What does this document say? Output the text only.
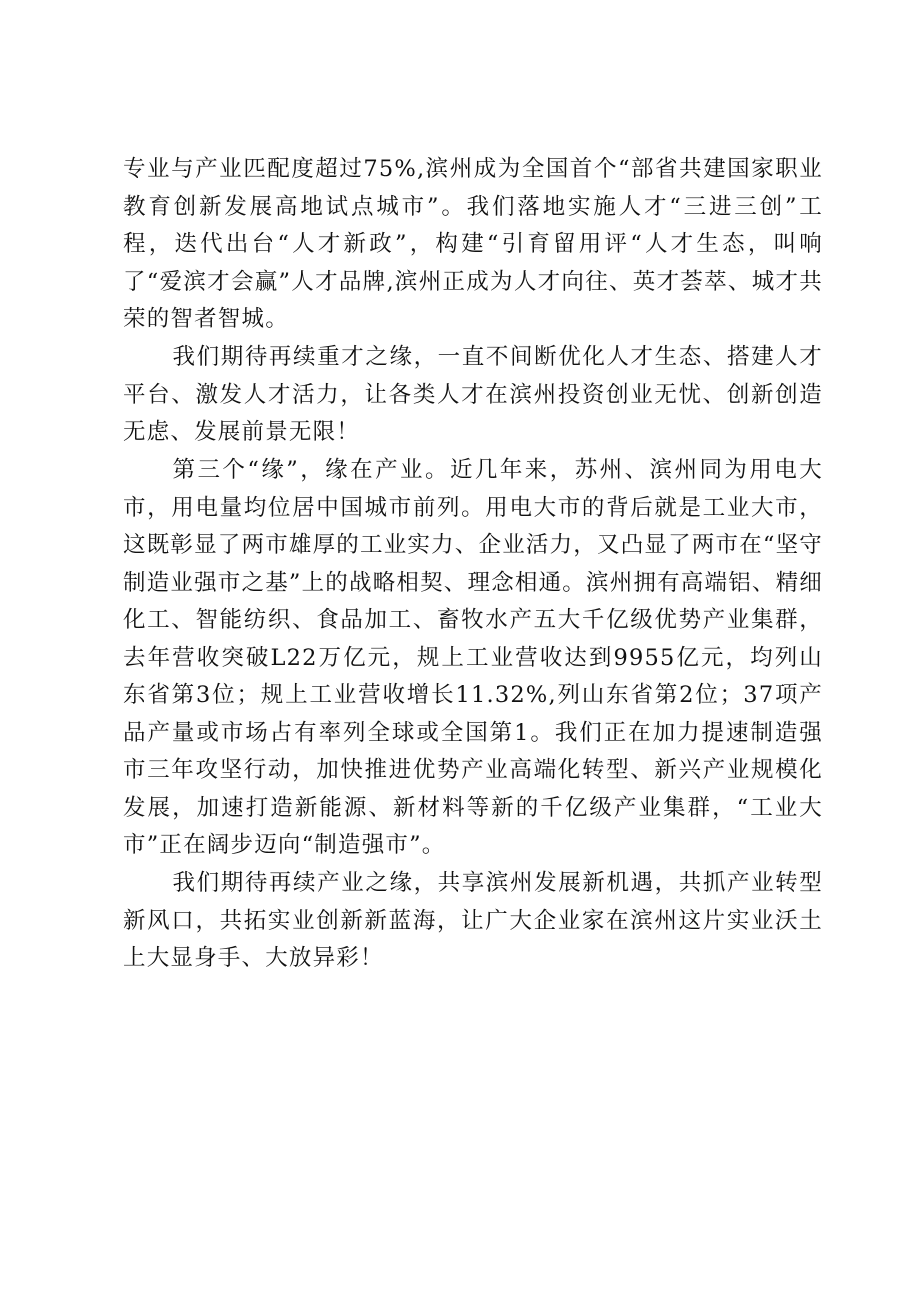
专业与产业匹配度超过75%,滨州成为全国首个“部省共建国家职业教育创新发展高地试点城市”。我们落地实施人才“三进三创”工程，迭代出台“人才新政”，构建“引育留用评“人才生态，叫响了“爱滨才会赢”人才品牌,滨州正成为人才向往、英才荟萃、城才共荣的智者智城。

我们期待再续重才之缘，一直不间断优化人才生态、搭建人才平台、激发人才活力，让各类人才在滨州投资创业无忧、创新创造无虑、发展前景无限！

第三个“缘”，缘在产业。近几年来，苏州、滨州同为用电大市，用电量均位居中国城市前列。用电大市的背后就是工业大市，这既彰显了两市雄厚的工业实力、企业活力，又凸显了两市在“坚守制造业强市之基”上的战略相契、理念相通。滨州拥有高端铝、精细化工、智能纺织、食品加工、畜牧水产五大千亿级优势产业集群，去年营收突破L22万亿元，规上工业营收达到9955亿元，均列山东省第3位；规上工业营收增长11.32%,列山东省第2位；37项产品产量或市场占有率列全球或全国第1。我们正在加力提速制造强市三年攻坚行动，加快推进优势产业高端化转型、新兴产业规模化发展，加速打造新能源、新材料等新的千亿级产业集群，“工业大市”正在阔步迈向“制造强市”。

我们期待再续产业之缘，共享滨州发展新机遇，共抓产业转型新风口，共拓实业创新新蓝海，让广大企业家在滨州这片实业沃土上大显身手、大放异彩！
